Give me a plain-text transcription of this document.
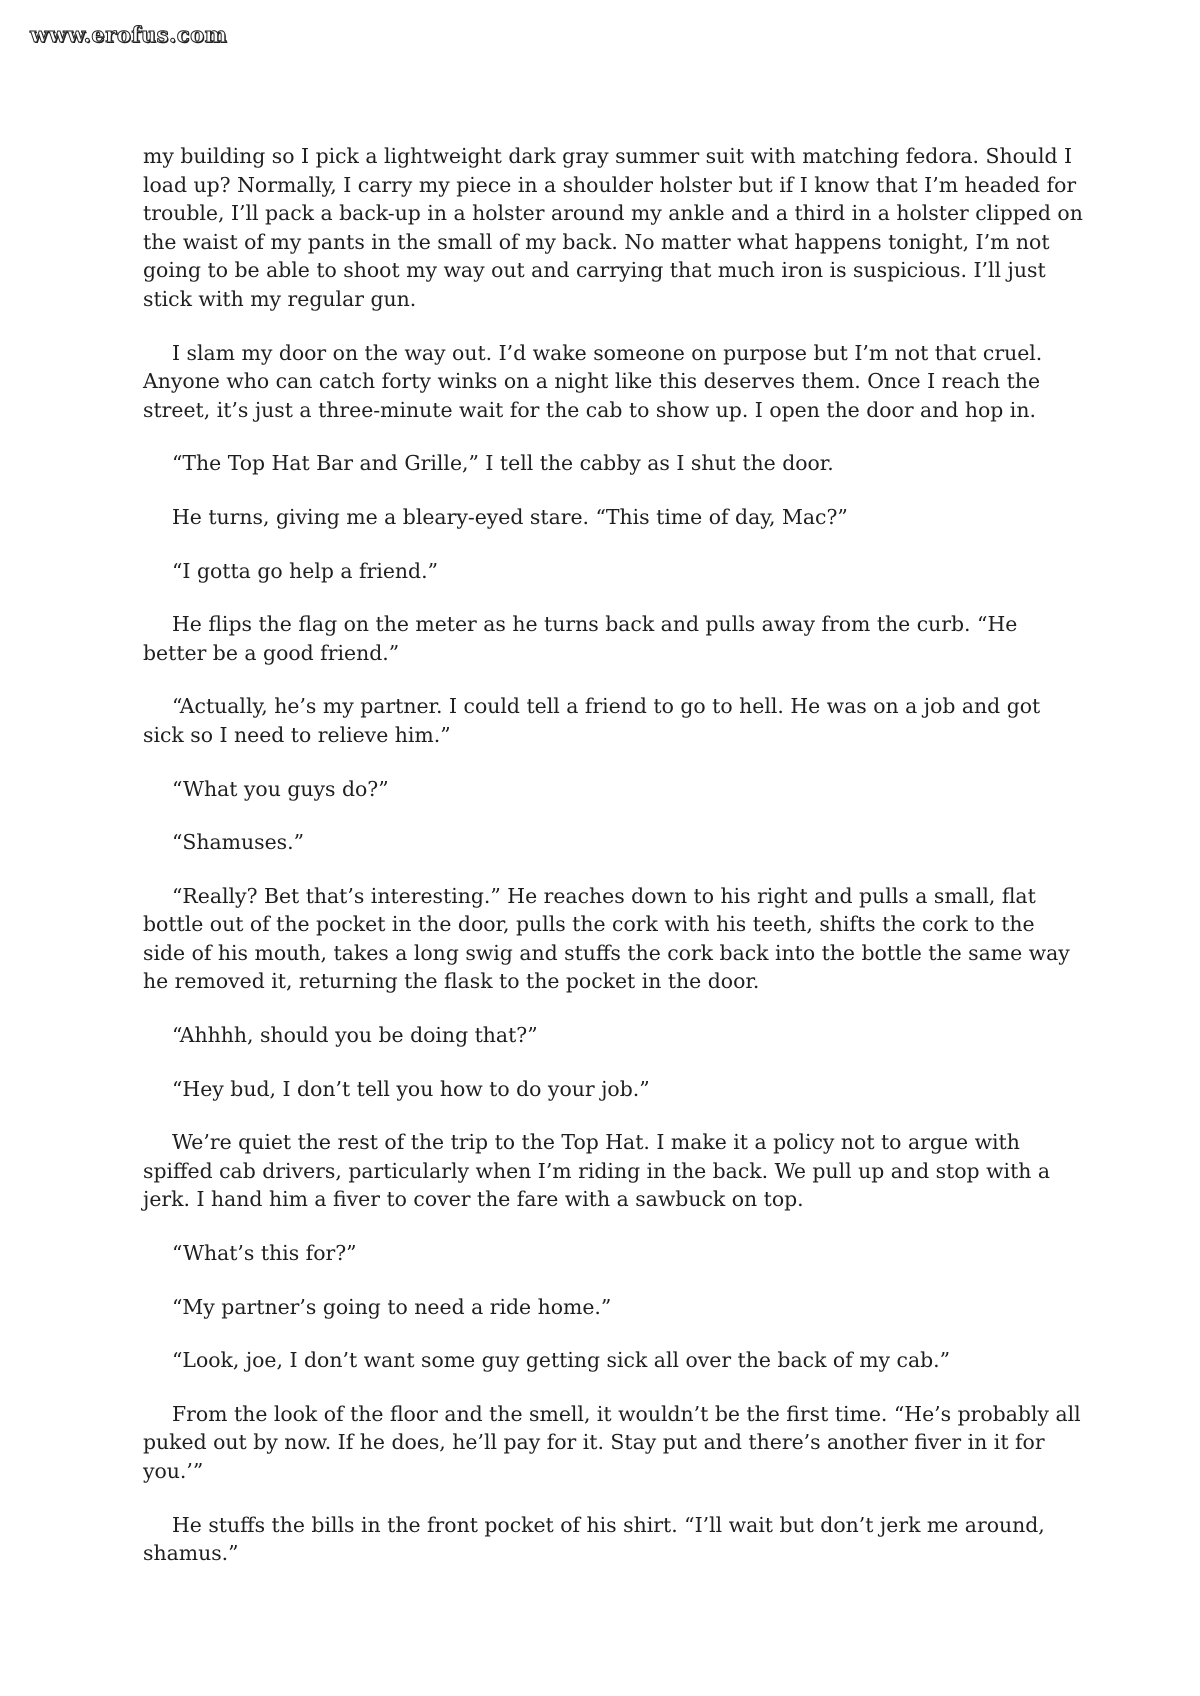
www.erofus.com

my building so I pick a lightweight dark gray summer suit with matching fedora. Should I load up? Normally, I carry my piece in a shoulder holster but if I know that I’m headed for trouble, I’ll pack a back-up in a holster around my ankle and a third in a holster clipped on the waist of my pants in the small of my back. No matter what happens tonight, I’m not going to be able to shoot my way out and carrying that much iron is suspicious. I’ll just stick with my regular gun.

I slam my door on the way out. I’d wake someone on purpose but I’m not that cruel. Anyone who can catch forty winks on a night like this deserves them. Once I reach the street, it’s just a three-minute wait for the cab to show up. I open the door and hop in.

“The Top Hat Bar and Grille,” I tell the cabby as I shut the door.

He turns, giving me a bleary-eyed stare. “This time of day, Mac?”

“I gotta go help a friend.”

He flips the flag on the meter as he turns back and pulls away from the curb. “He better be a good friend.”

“Actually, he’s my partner. I could tell a friend to go to hell. He was on a job and got sick so I need to relieve him.”

“What you guys do?”

“Shamuses.”

“Really? Bet that’s interesting.” He reaches down to his right and pulls a small, flat bottle out of the pocket in the door, pulls the cork with his teeth, shifts the cork to the side of his mouth, takes a long swig and stuffs the cork back into the bottle the same way he removed it, returning the flask to the pocket in the door.

“Ahhhh, should you be doing that?”

“Hey bud, I don’t tell you how to do your job.”

We’re quiet the rest of the trip to the Top Hat. I make it a policy not to argue with spiffed cab drivers, particularly when I’m riding in the back. We pull up and stop with a jerk. I hand him a fiver to cover the fare with a sawbuck on top.

“What’s this for?”

“My partner’s going to need a ride home.”

“Look, joe, I don’t want some guy getting sick all over the back of my cab.”

From the look of the floor and the smell, it wouldn’t be the first time. “He’s probably all puked out by now. If he does, he’ll pay for it. Stay put and there’s another fiver in it for you.’”

He stuffs the bills in the front pocket of his shirt. “I’ll wait but don’t jerk me around, shamus.”
